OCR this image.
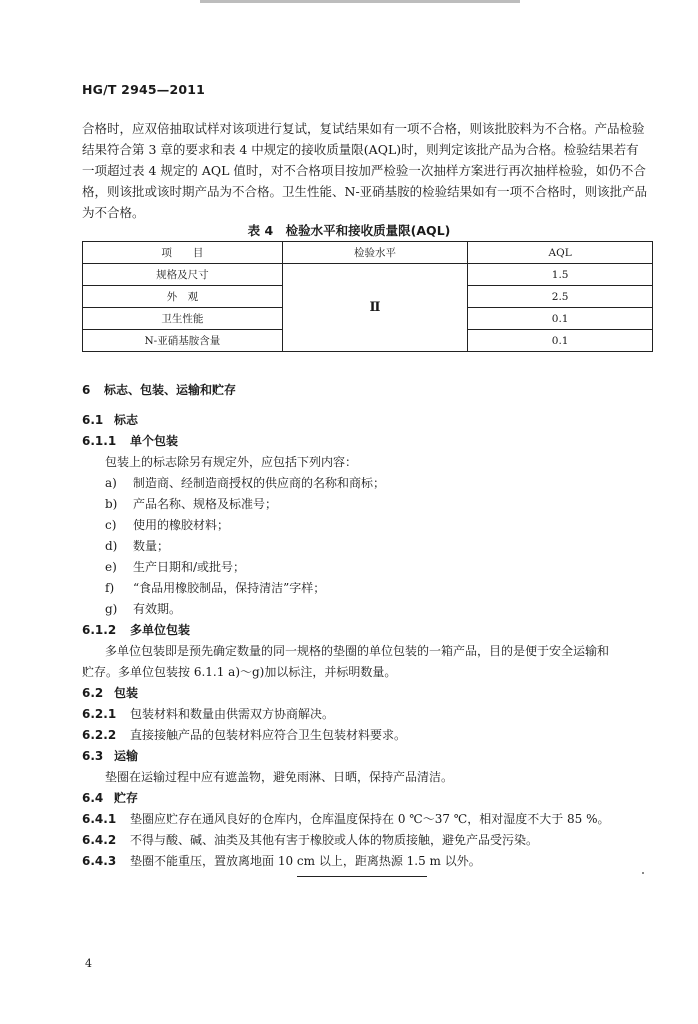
HG/T 2945—2011
合格时，应双倍抽取试样对该项进行复试，复试结果如有一项不合格，则该批胶料为不合格。产品检验
结果符合第 3 章的要求和表 4 中规定的接收质量限(AQL)时，则判定该批产品为合格。检验结果若有
一项超过表 4 规定的 AQL 值时，对不合格项目按加严检验一次抽样方案进行再次抽样检验，如仍不合
格，则该批或该时期产品为不合格。卫生性能、N-亚硝基胺的检验结果如有一项不合格时，则该批产品
为不合格。
表 4　检验水平和接收质量限(AQL)
项　　目	检验水平	AQL
规格及尺寸	Ⅱ	1.5
外　观		2.5
卫生性能		0.1
N-亚硝基胺含量		0.1
6 标志、包装、运输和贮存
6.1 标志
6.1.1 单个包装
包装上的标志除另有规定外，应包括下列内容：
a) 制造商、经制造商授权的供应商的名称和商标；
b) 产品名称、规格及标准号；
c) 使用的橡胶材料；
d) 数量；
e) 生产日期和/或批号；
f) “食品用橡胶制品，保持清洁”字样；
g) 有效期。
6.1.2 多单位包装
多单位包装即是预先确定数量的同一规格的垫圈的单位包装的一箱产品，目的是便于安全运输和
贮存。多单位包装按 6.1.1 a)～g)加以标注，并标明数量。
6.2 包装
6.2.1 包装材料和数量由供需双方协商解决。
6.2.2 直接接触产品的包装材料应符合卫生包装材料要求。
6.3 运输
垫圈在运输过程中应有遮盖物，避免雨淋、日晒，保持产品清洁。
6.4 贮存
6.4.1 垫圈应贮存在通风良好的仓库内，仓库温度保持在 0 ℃～37 ℃，相对湿度不大于 85 %。
6.4.2 不得与酸、碱、油类及其他有害于橡胶或人体的物质接触，避免产品受污染。
6.4.3 垫圈不能重压，置放离地面 10 cm 以上，距离热源 1.5 m 以外。
4
